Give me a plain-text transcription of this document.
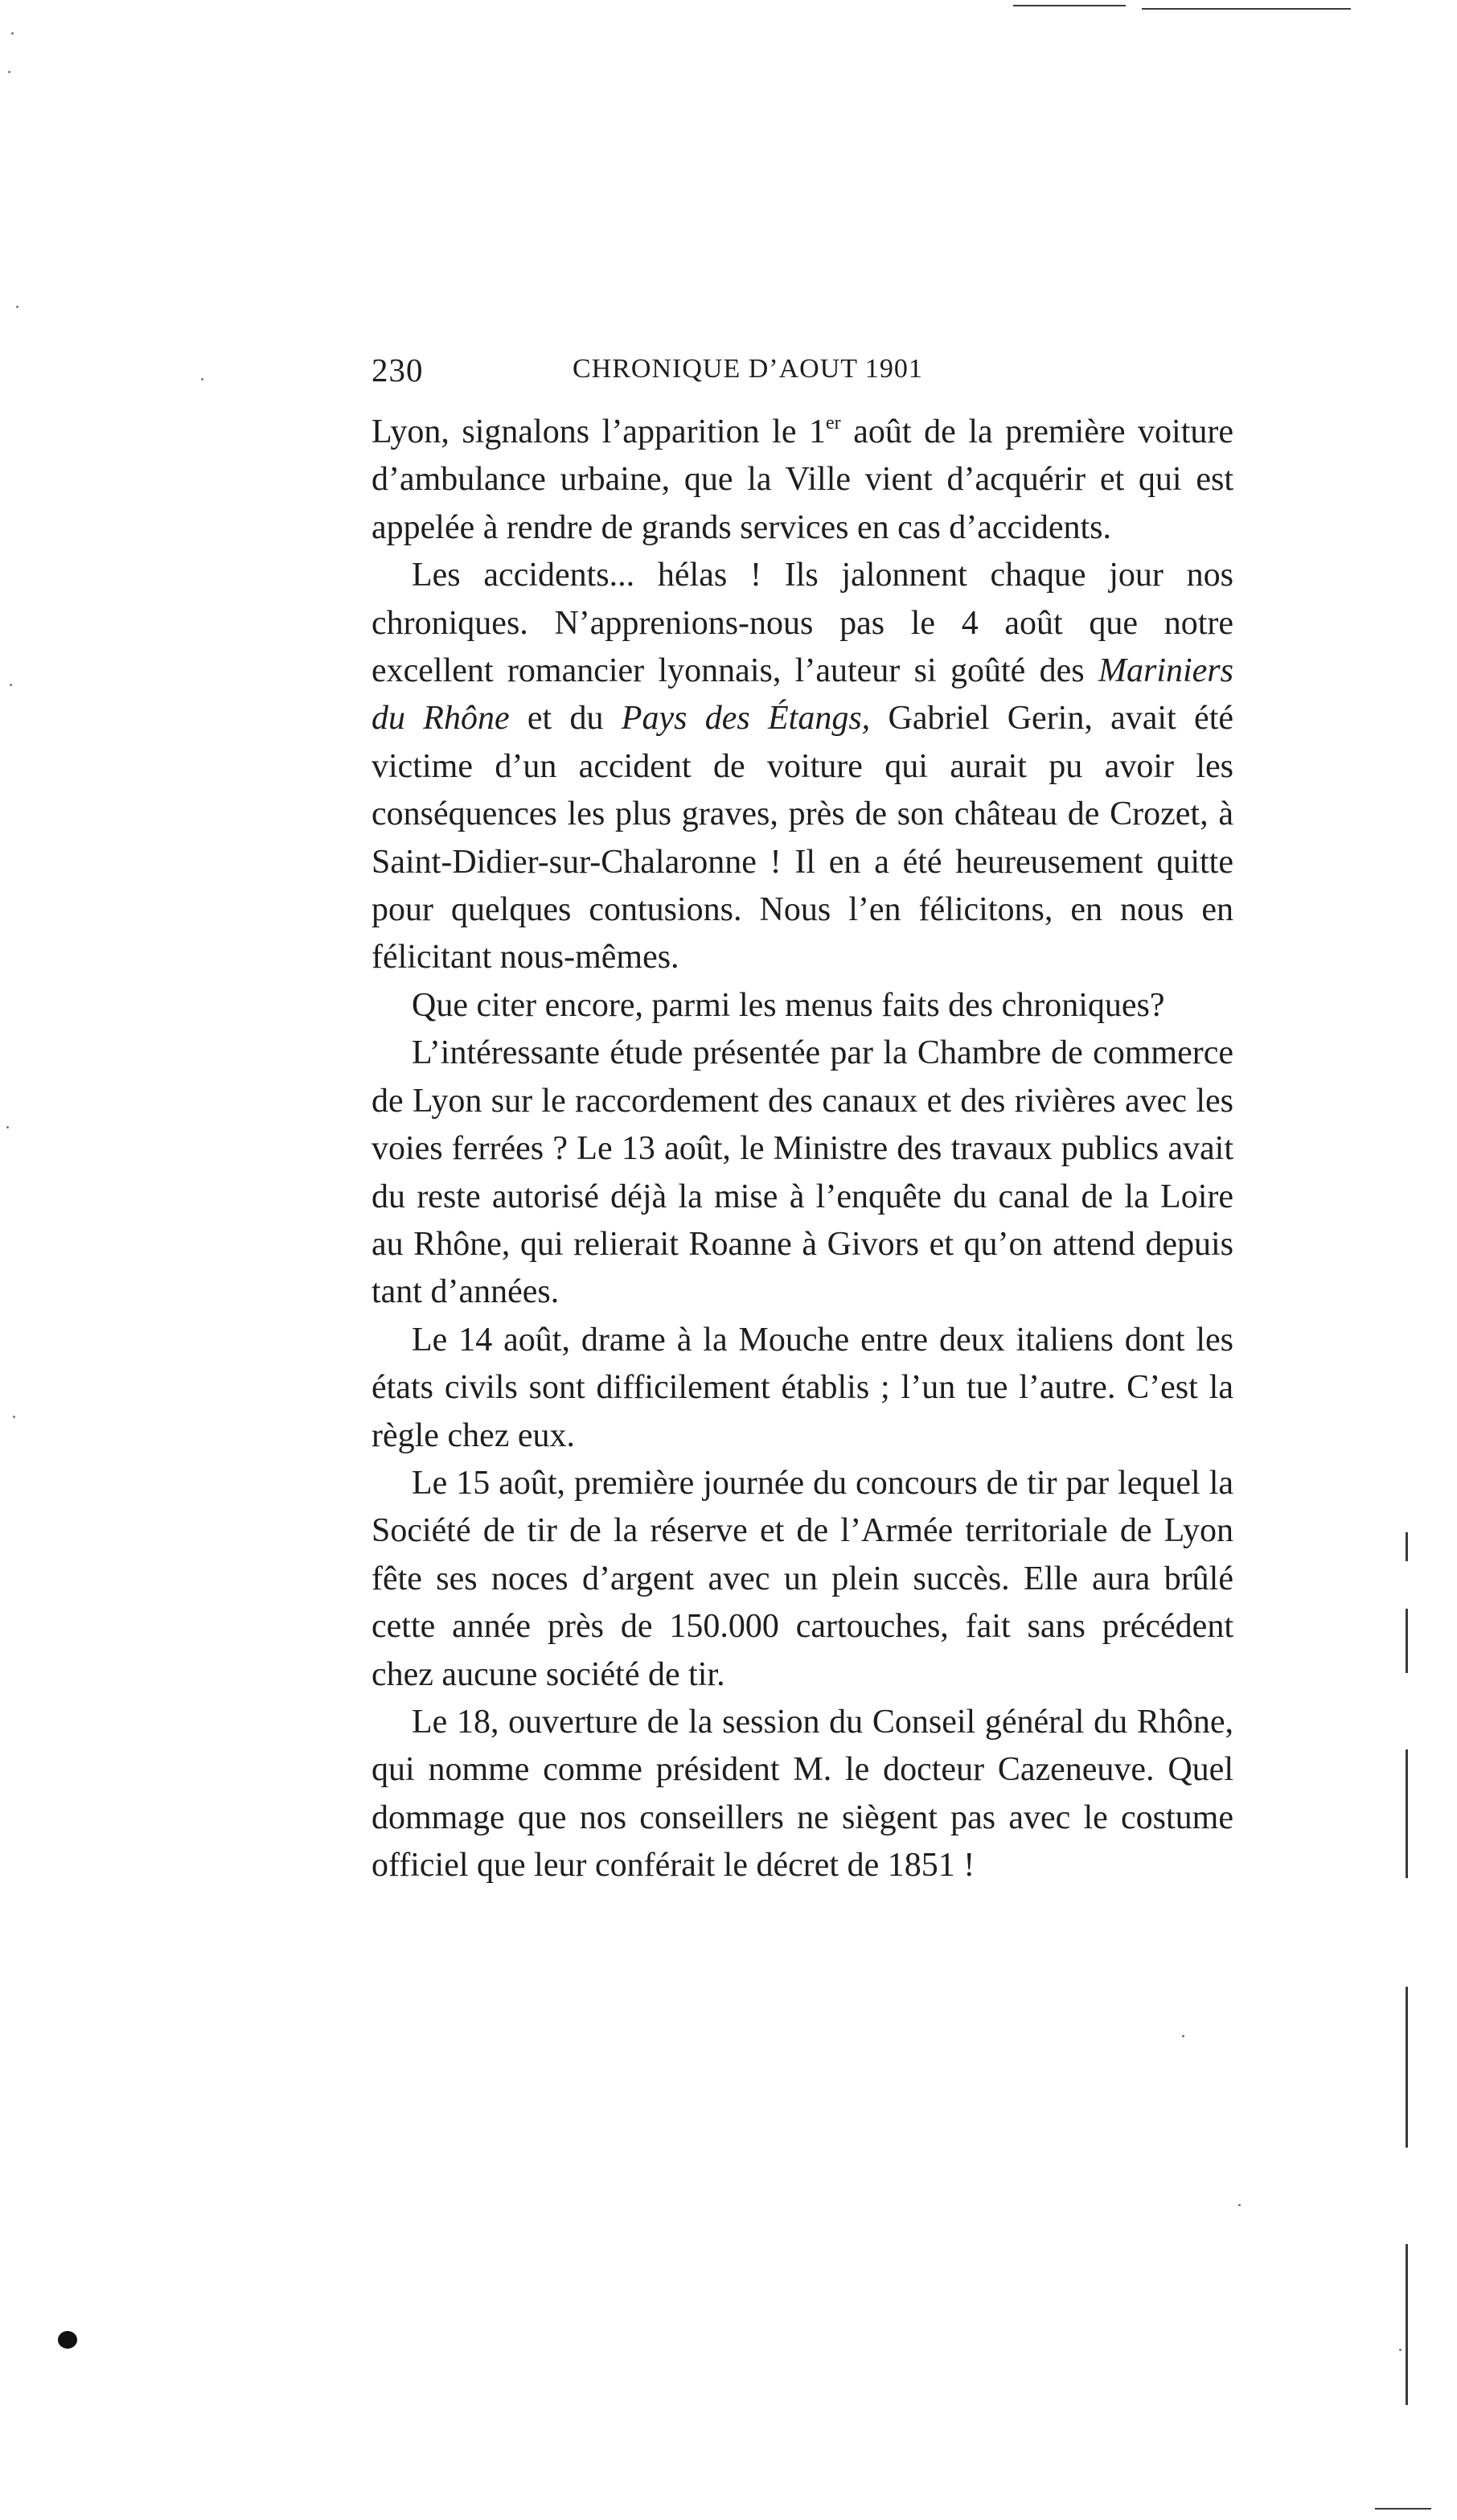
230	CHRONIQUE D’AOUT 1901

Lyon, signalons l’apparition le 1er août de la première voiture d’ambulance urbaine, que la Ville vient d’acquérir et qui est appelée à rendre de grands services en cas d’accidents.

Les accidents... hélas ! Ils jalonnent chaque jour nos chroniques. N’apprenions-nous pas le 4 août que notre excellent romancier lyonnais, l’auteur si goûté des Mariniers du Rhône et du Pays des Étangs, Gabriel Gerin, avait été victime d’un accident de voiture qui aurait pu avoir les conséquences les plus graves, près de son château de Crozet, à Saint-Didier-sur-Chalaronne ! Il en a été heureusement quitte pour quelques contusions. Nous l’en félicitons, en nous en félicitant nous-mêmes.

Que citer encore, parmi les menus faits des chroniques?

L’intéressante étude présentée par la Chambre de commerce de Lyon sur le raccordement des canaux et des rivières avec les voies ferrées ? Le 13 août, le Ministre des travaux publics avait du reste autorisé déjà la mise à l’enquête du canal de la Loire au Rhône, qui relierait Roanne à Givors et qu’on attend depuis tant d’années.

Le 14 août, drame à la Mouche entre deux italiens dont les états civils sont difficilement établis ; l’un tue l’autre. C’est la règle chez eux.

Le 15 août, première journée du concours de tir par lequel la Société de tir de la réserve et de l’Armée territoriale de Lyon fête ses noces d’argent avec un plein succès. Elle aura brûlé cette année près de 150.000 cartouches, fait sans précédent chez aucune société de tir.

Le 18, ouverture de la session du Conseil général du Rhône, qui nomme comme président M. le docteur Cazeneuve. Quel dommage que nos conseillers ne siègent pas avec le costume officiel que leur conférait le décret de 1851 !
